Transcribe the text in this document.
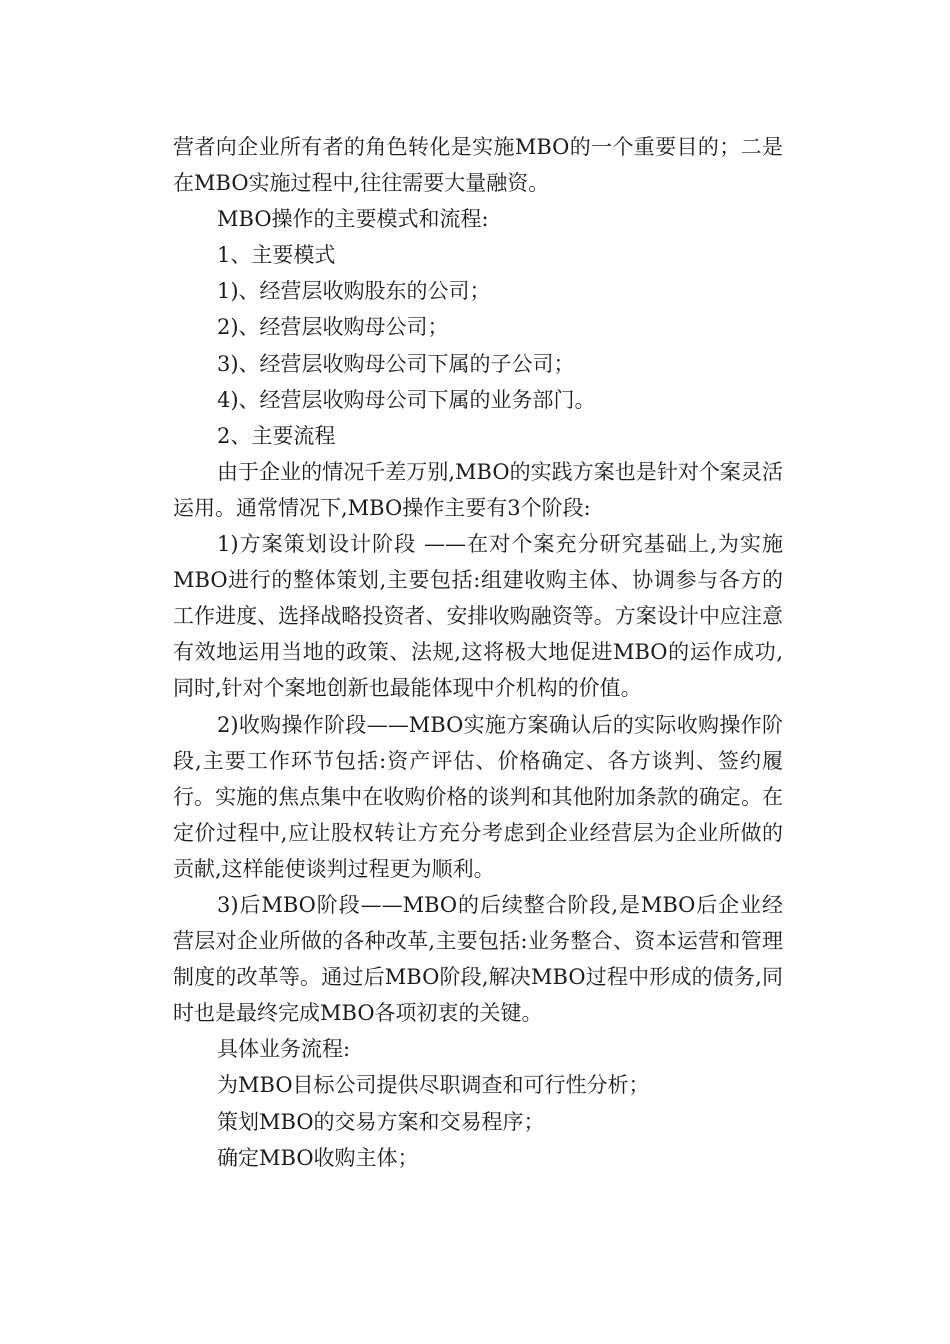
营者向企业所有者的角色转化是实施MBO的一个重要目的；二是在MBO实施过程中,往往需要大量融资。

MBO操作的主要模式和流程:

1、主要模式

1)、经营层收购股东的公司；

2)、经营层收购母公司；

3)、经营层收购母公司下属的子公司；

4)、经营层收购母公司下属的业务部门。

2、主要流程

由于企业的情况千差万别,MBO的实践方案也是针对个案灵活运用。通常情况下,MBO操作主要有3个阶段:

1)方案策划设计阶段 ——在对个案充分研究基础上,为实施MBO进行的整体策划,主要包括:组建收购主体、协调参与各方的工作进度、选择战略投资者、安排收购融资等。方案设计中应注意有效地运用当地的政策、法规,这将极大地促进MBO的运作成功,同时,针对个案地创新也最能体现中介机构的价值。

2)收购操作阶段——MBO实施方案确认后的实际收购操作阶段,主要工作环节包括:资产评估、价格确定、各方谈判、签约履行。实施的焦点集中在收购价格的谈判和其他附加条款的确定。在定价过程中,应让股权转让方充分考虑到企业经营层为企业所做的贡献,这样能使谈判过程更为顺利。

3)后MBO阶段——MBO的后续整合阶段,是MBO后企业经营层对企业所做的各种改革,主要包括:业务整合、资本运营和管理制度的改革等。通过后MBO阶段,解决MBO过程中形成的债务,同时也是最终完成MBO各项初衷的关键。

具体业务流程:

为MBO目标公司提供尽职调查和可行性分析；

策划MBO的交易方案和交易程序；

确定MBO收购主体；
